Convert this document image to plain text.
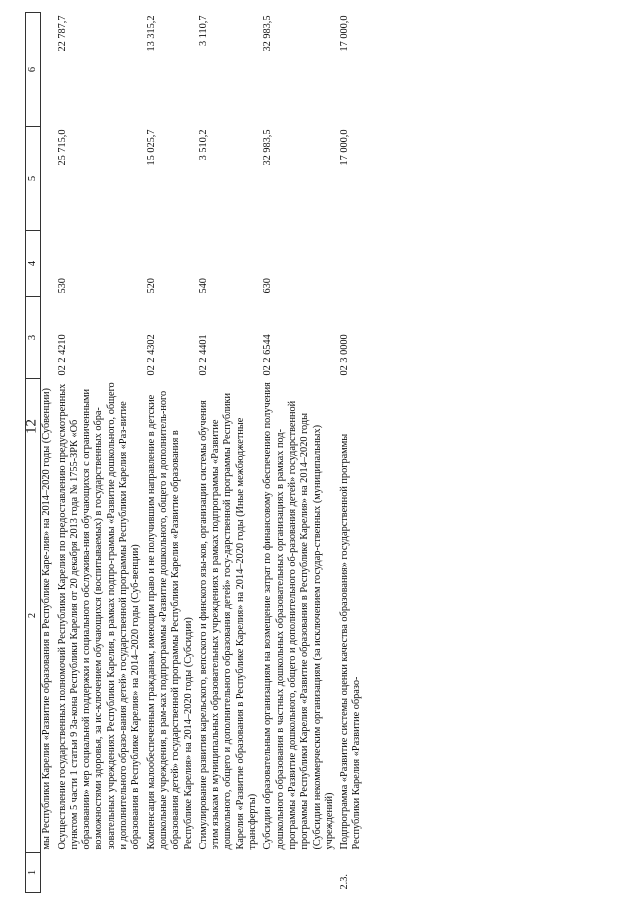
12
1	2	3	4	5	6
	мы Республики Карелия «Развитие образования в Республике Каре-лия» на 2014–2020 годы (Субвенции)				
	Осуществление государственных полномочий Республики Карелия по предоставлению предусмотренных пунктом 5 части 1 статьи 9 За-кона Республики Карелия от 20 декабря 2013 года № 1755-ЗРК «Об образовании» мер социальной поддержки и социального обслужива-ния обучающихся с ограниченными возможностями здоровья, за ис-ключением обучающихся (воспитываемых) в государственных обра-зовательных учреждениях Республики Карелия, в рамках подпро-граммы «Развитие дошкольного, общего и дополнительного образо-вания детей» государственной программы Республики Карелия «Раз-витие образования в Республике Карелия» на 2014–2020 годы (Суб-венции)	02 2 4210	530	25 715,0	22 787,7
	Компенсация малообеспеченным гражданам, имеющим право и не получившим направление в детские дошкольные учреждения, в рам-ках подпрограммы «Развитие дошкольного, общего и дополнитель-ного образования детей» государственной программы Республики Карелия «Развитие образования в Республике Карелия» на 2014–2020 годы (Субсидии)	02 2 4302	520	15 025,7	13 315,2
	Стимулирование развития карельского, вепсского и финского язы-ков, организации системы обучения этим языкам в муниципальных образовательных учреждениях в рамках подпрограммы «Развитие дошкольного, общего и дополнительного образования детей» госу-дарственной программы Республики Карелия «Развитие образования в Республике Карелия» на 2014–2020 годы (Иные межбюджетные трансферты)	02 2 4401	540	3 510,2	3 110,7
	Субсидии образовательным организациям на возмещение затрат по финансовому обеспечению получения дошкольного образования в частных дошкольных образовательных организациях в рамках под-программы «Развитие дошкольного, общего и дополнительного об-разования детей» государственной программы Республики Карелия «Развитие образования в Республике Карелия» на 2014–2020 годы (Субсидии некоммерческим организациям (за исключением государ-ственных (муниципальных) учреждений)	02 2 6544	630	32 983,5	32 983,5
2.3.	Подпрограмма «Развитие системы оценки качества образования» государственной программы Республики Карелия «Развитие образо-	02 3 0000		17 000,0	17 000,0
